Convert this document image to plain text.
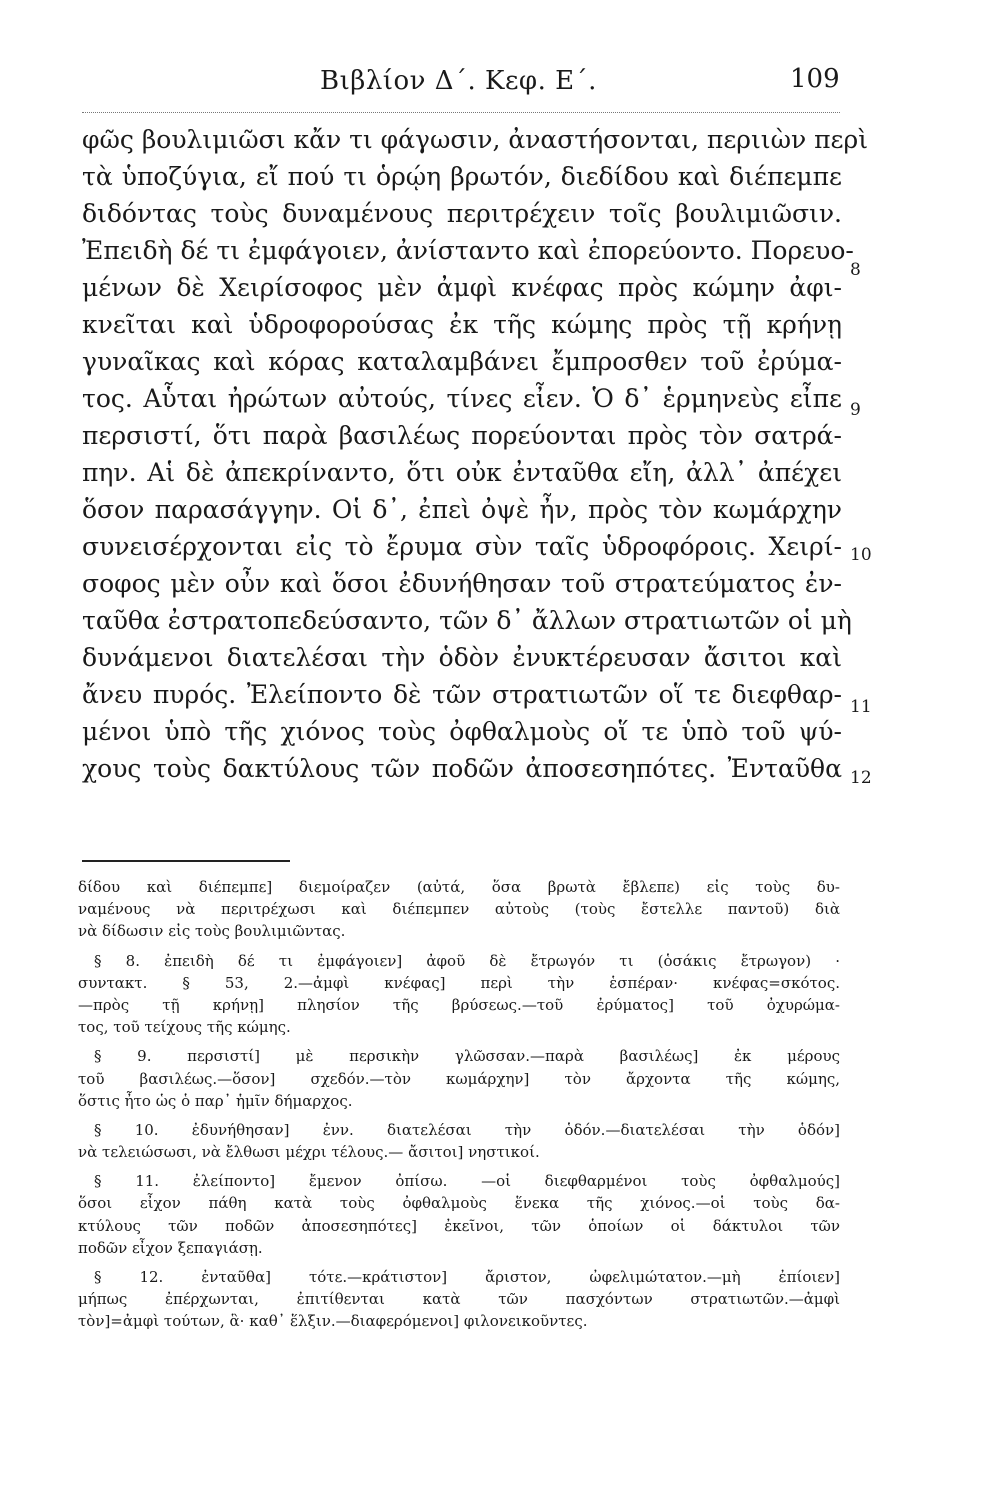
Βιβλίον Δ΄. Κεφ. Ε΄.	109
φῶς βουλιμιῶσι κἄν τι φάγωσιν, ἀναστήσονται, περιιὼν περὶ
τὰ ὑποζύγια, εἴ πού τι ὁρῴη βρωτόν, διεδίδου καὶ διέπεμπε
διδόντας τοὺς δυναμένους περιτρέχειν τοῖς βουλιμιῶσιν.
Ἐπειδὴ δέ τι ἐμφάγοιεν, ἀνίσταντο καὶ ἐπορεύοντο. Πορευο-
μένων δὲ Χειρίσοφος μὲν ἀμφὶ κνέφας πρὸς κώμην ἀφι-
κνεῖται καὶ ὑδροφορούσας ἐκ τῆς κώμης πρὸς τῇ κρήνῃ
γυναῖκας καὶ κόρας καταλαμβάνει ἔμπροσθεν τοῦ ἐρύμα-
τος. Αὗται ἠρώτων αὐτούς, τίνες εἶεν. Ὁ δ᾽ ἑρμηνεὺς εἶπε
περσιστί, ὅτι παρὰ βασιλέως πορεύονται πρὸς τὸν σατρά-
πην. Αἱ δὲ ἀπεκρίναντο, ὅτι οὐκ ἐνταῦθα εἴη, ἀλλ᾽ ἀπέχει
ὅσον παρασάγγην. Οἱ δ᾽, ἐπεὶ ὀψὲ ἦν, πρὸς τὸν κωμάρχην
συνεισέρχονται εἰς τὸ ἔρυμα σὺν ταῖς ὑδροφόροις. Χειρί-
σοφος μὲν οὖν καὶ ὅσοι ἐδυνήθησαν τοῦ στρατεύματος ἐν-
ταῦθα ἐστρατοπεδεύσαντο, τῶν δ᾽ ἄλλων στρατιωτῶν οἱ μὴ
δυνάμενοι διατελέσαι τὴν ὁδὸν ἐνυκτέρευσαν ἄσιτοι καὶ
ἄνευ πυρός. Ἐλείποντο δὲ τῶν στρατιωτῶν οἵ τε διεφθαρ-
μένοι ὑπὸ τῆς χιόνος τοὺς ὀφθαλμοὺς οἵ τε ὑπὸ τοῦ ψύ-
χους τοὺς δακτύλους τῶν ποδῶν ἀποσεσηπότες. Ἐνταῦθα
8
9
10
11
12
δίδου καὶ διέπεμπε] διεμοίραζεν (αὐτά, ὅσα βρωτὰ ἔβλεπε) εἰς τοὺς δυ-
ναμένους νὰ περιτρέχωσι καὶ διέπεμπεν αὐτοὺς (τοὺς ἔστελλε παντοῦ) διὰ
νὰ δίδωσιν εἰς τοὺς βουλιμιῶντας.
§ 8. ἐπειδὴ δέ τι ἐμφάγοιεν] ἀφοῦ δὲ ἔτρωγόν τι (ὁσάκις ἔτρωγον) ·
συντακτ. § 53, 2.—ἀμφὶ κνέφας] περὶ τὴν ἑσπέραν· κνέφας=σκότος.
—πρὸς τῇ κρήνῃ] πλησίον τῆς βρύσεως.—τοῦ ἐρύματος] τοῦ ὀχυρώμα-
τος, τοῦ τείχους τῆς κώμης.
§ 9. περσιστί] μὲ περσικὴν γλῶσσαν.—παρὰ βασιλέως] ἐκ μέρους
τοῦ βασιλέως.—ὅσον] σχεδόν.—τὸν κωμάρχην] τὸν ἄρχοντα τῆς κώμης,
ὅστις ἦτο ὡς ὁ παρ᾽ ἡμῖν δήμαρχος.
§ 10. ἐδυνήθησαν] ἐνν. διατελέσαι τὴν ὁδόν.—διατελέσαι τὴν ὁδόν]
νὰ τελειώσωσι, νὰ ἔλθωσι μέχρι τέλους.— ἄσιτοι] νηστικοί.
§ 11. ἐλείποντο] ἔμενον ὀπίσω. —οἱ διεφθαρμένοι τοὺς ὀφθαλμούς]
ὅσοι εἶχον πάθη κατὰ τοὺς ὀφθαλμοὺς ἕνεκα τῆς χιόνος.—οἱ τοὺς δα-
κτύλους τῶν ποδῶν ἀποσεσηπότες] ἐκεῖνοι, τῶν ὁποίων οἱ δάκτυλοι τῶν
ποδῶν εἶχον ξεπαγιάσῃ.
§ 12. ἐνταῦθα] τότε.—κράτιστον] ἄριστον, ὠφελιμώτατον.—μὴ ἐπίοιεν]
μήπως ἐπέρχωνται, ἐπιτίθενται κατὰ τῶν πασχόντων στρατιωτῶν.—ἀμφὶ
τὸν]=ἀμφὶ τούτων, ἃ· καθ᾽ ἕλξιν.—διαφερόμενοι] φιλονεικοῦντες.
